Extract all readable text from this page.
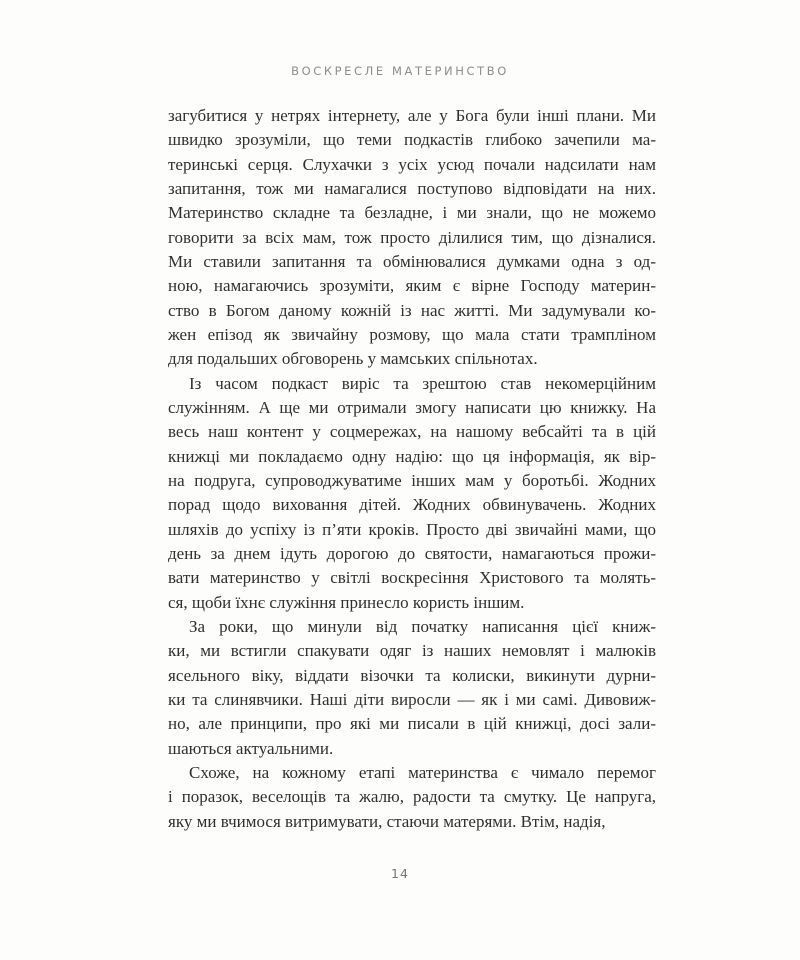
ВОСКРЕСЛЕ МАТЕРИНСТВО
загубитися у нетрях інтернету, але у Бога були інші плани. Ми
швидко зрозуміли, що теми подкастів глибоко зачепили ма-
теринські серця. Слухачки з усіх усюд почали надсилати нам
запитання, тож ми намагалися поступово відповідати на них.
Материнство складне та безладне, і ми знали, що не можемо
говорити за всіх мам, тож просто ділилися тим, що дізналися.
Ми ставили запитання та обмінювалися думками одна з од-
ною, намагаючись зрозуміти, яким є вірне Господу материн-
ство в Богом даному кожній із нас житті. Ми задумували ко-
жен епізод як звичайну розмову, що мала стати трампліном
для подальших обговорень у мамських спільнотах.
Із часом подкаст виріс та зрештою став некомерційним
служінням. А ще ми отримали змогу написати цю книжку. На
весь наш контент у соцмережах, на нашому вебсайті та в цій
книжці ми покладаємо одну надію: що ця інформація, як вір-
на подруга, супроводжуватиме інших мам у боротьбі. Жодних
порад щодо виховання дітей. Жодних обвинувачень. Жодних
шляхів до успіху із п’яти кроків. Просто дві звичайні мами, що
день за днем ідуть дорогою до святости, намагаються прожи-
вати материнство у світлі воскресіння Христового та молять-
ся, щоби їхнє служіння принесло користь іншим.
За роки, що минули від початку написання цієї книж-
ки, ми встигли спакувати одяг із наших немовлят і малюків
ясельного віку, віддати візочки та колиски, викинути дурни-
ки та слинявчики. Наші діти виросли — як і ми самі. Дивовиж-
но, але принципи, про які ми писали в цій книжці, досі зали-
шаються актуальними.
Схоже, на кожному етапі материнства є чимало перемог
і поразок, веселощів та жалю, радости та смутку. Це напруга,
яку ми вчимося витримувати, стаючи матерями. Втім, надія,
14
